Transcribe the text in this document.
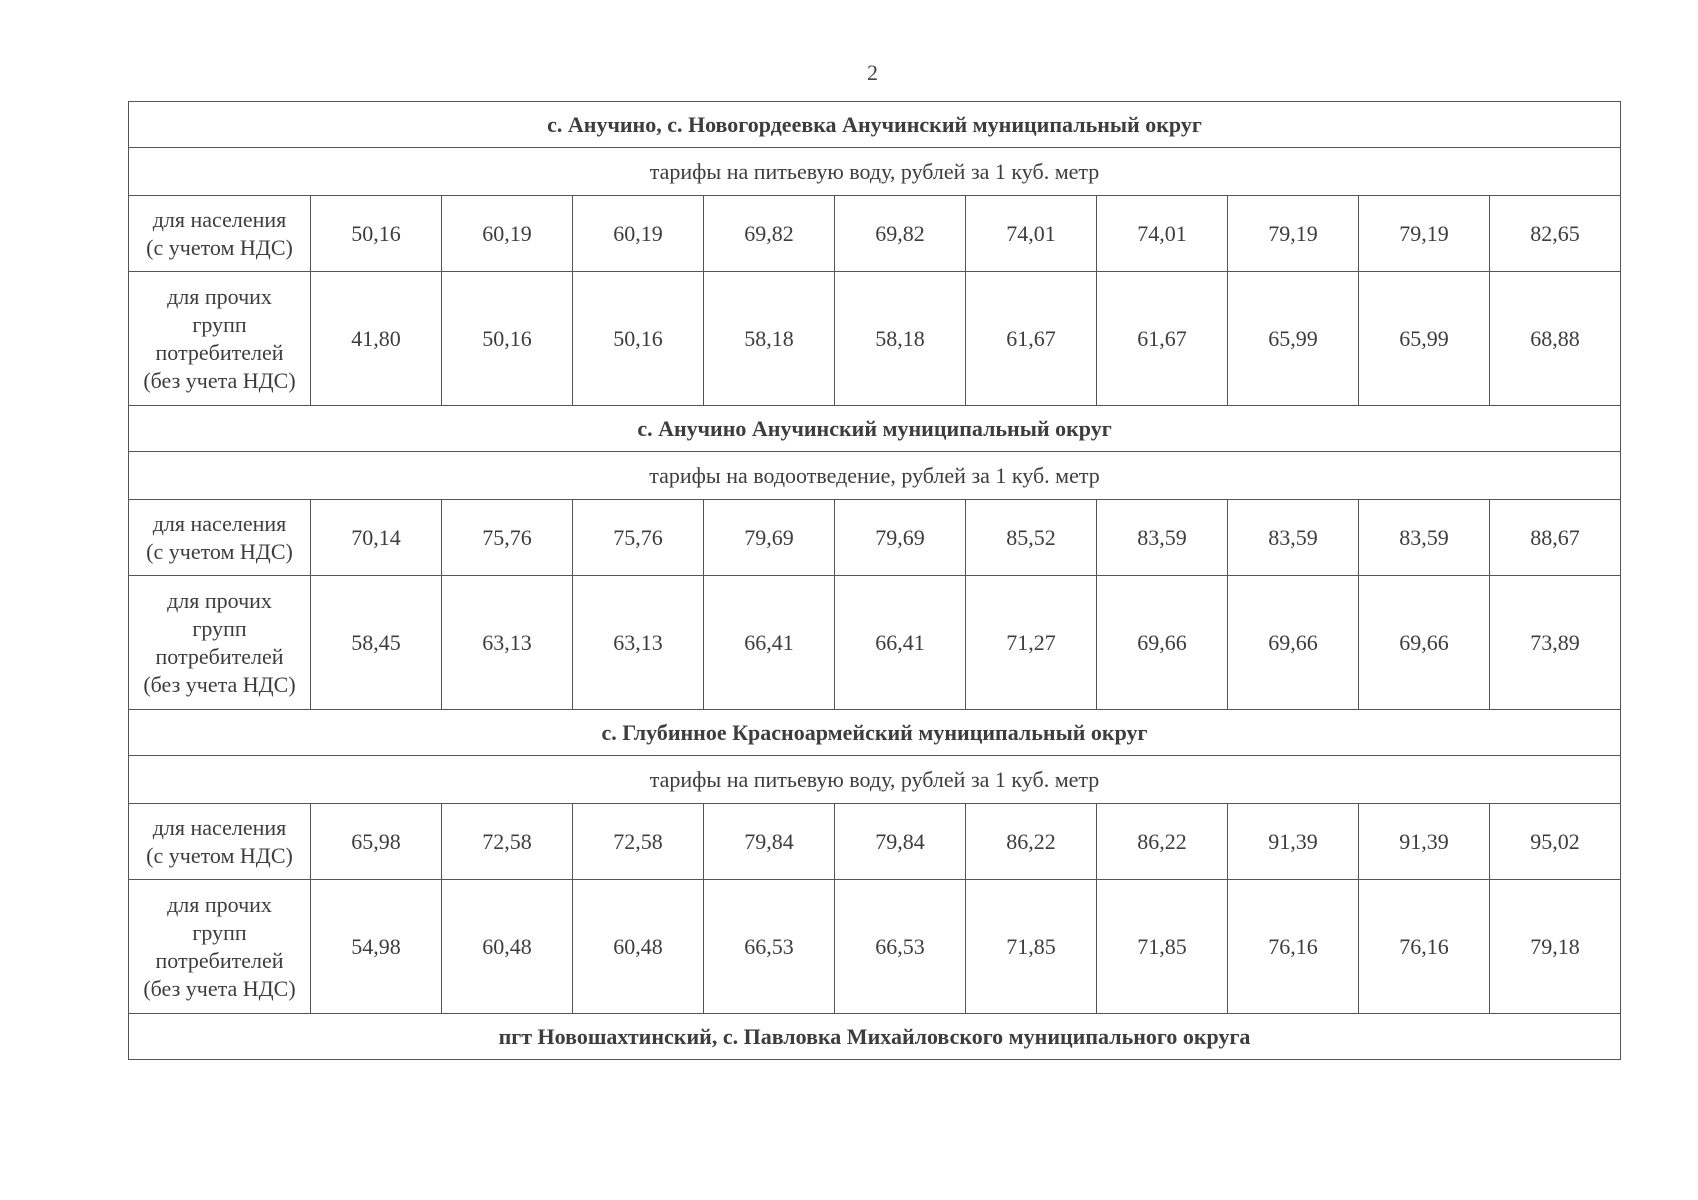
2
с. Анучино, с. Новогордеевка Анучинский муниципальный округ										
тарифы на питьевую воду, рублей за 1 куб. метр										
для населения
(с учетом НДС)	50,16	60,19	60,19	69,82	69,82	74,01	74,01	79,19	79,19	82,65
для прочих
групп
потребителей
(без учета НДС)	41,80	50,16	50,16	58,18	58,18	61,67	61,67	65,99	65,99	68,88
с. Анучино Анучинский муниципальный округ										
тарифы на водоотведение, рублей за 1 куб. метр										
для населения
(с учетом НДС)	70,14	75,76	75,76	79,69	79,69	85,52	83,59	83,59	83,59	88,67
для прочих
групп
потребителей
(без учета НДС)	58,45	63,13	63,13	66,41	66,41	71,27	69,66	69,66	69,66	73,89
с. Глубинное Красноармейский муниципальный округ										
тарифы на питьевую воду, рублей за 1 куб. метр										
для населения
(с учетом НДС)	65,98	72,58	72,58	79,84	79,84	86,22	86,22	91,39	91,39	95,02
для прочих
групп
потребителей
(без учета НДС)	54,98	60,48	60,48	66,53	66,53	71,85	71,85	76,16	76,16	79,18
пгт Новошахтинский, с. Павловка Михайловского муниципального округа										
